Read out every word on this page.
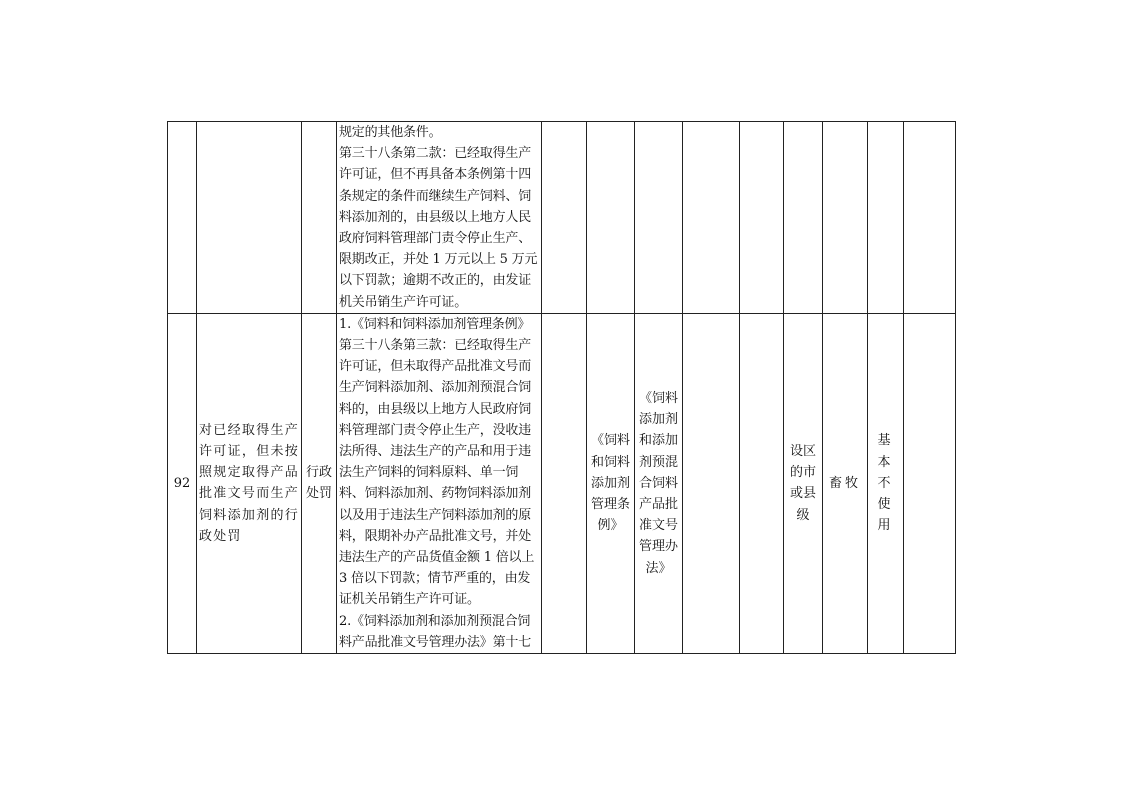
			规定的其他条件。
第三十八条第二款：已经取得生产许可证，但不再具备本条例第十四条规定的条件而继续生产饲料、饲料添加剂的，由县级以上地方人民政府饲料管理部门责令停止生产、限期改正，并处 1 万元以上 5 万元以下罚款；逾期不改正的，由发证机关吊销生产许可证。									
92	对已经取得生产许可证，但未按照规定取得产品批准文号而生产饲料添加剂的行政处罚	行政处罚	1.《饲料和饲料添加剂管理条例》第三十八条第三款：已经取得生产许可证，但未取得产品批准文号而生产饲料添加剂、添加剂预混合饲料的，由县级以上地方人民政府饲料管理部门责令停止生产，没收违法所得、违法生产的产品和用于违法生产饲料的饲料原料、单一饲料、饲料添加剂、药物饲料添加剂以及用于违法生产饲料添加剂的原料，限期补办产品批准文号，并处违法生产的产品货值金额 1 倍以上 3 倍以下罚款；情节严重的，由发证机关吊销生产许可证。
2.《饲料添加剂和添加剂预混合饲料产品批准文号管理办法》第十七		《饲料和饲料添加剂管理条例》	《饲料添加剂和添加剂预混合饲料产品批准文号管理办法》			设区的市或县级	畜牧	基本不使用	
